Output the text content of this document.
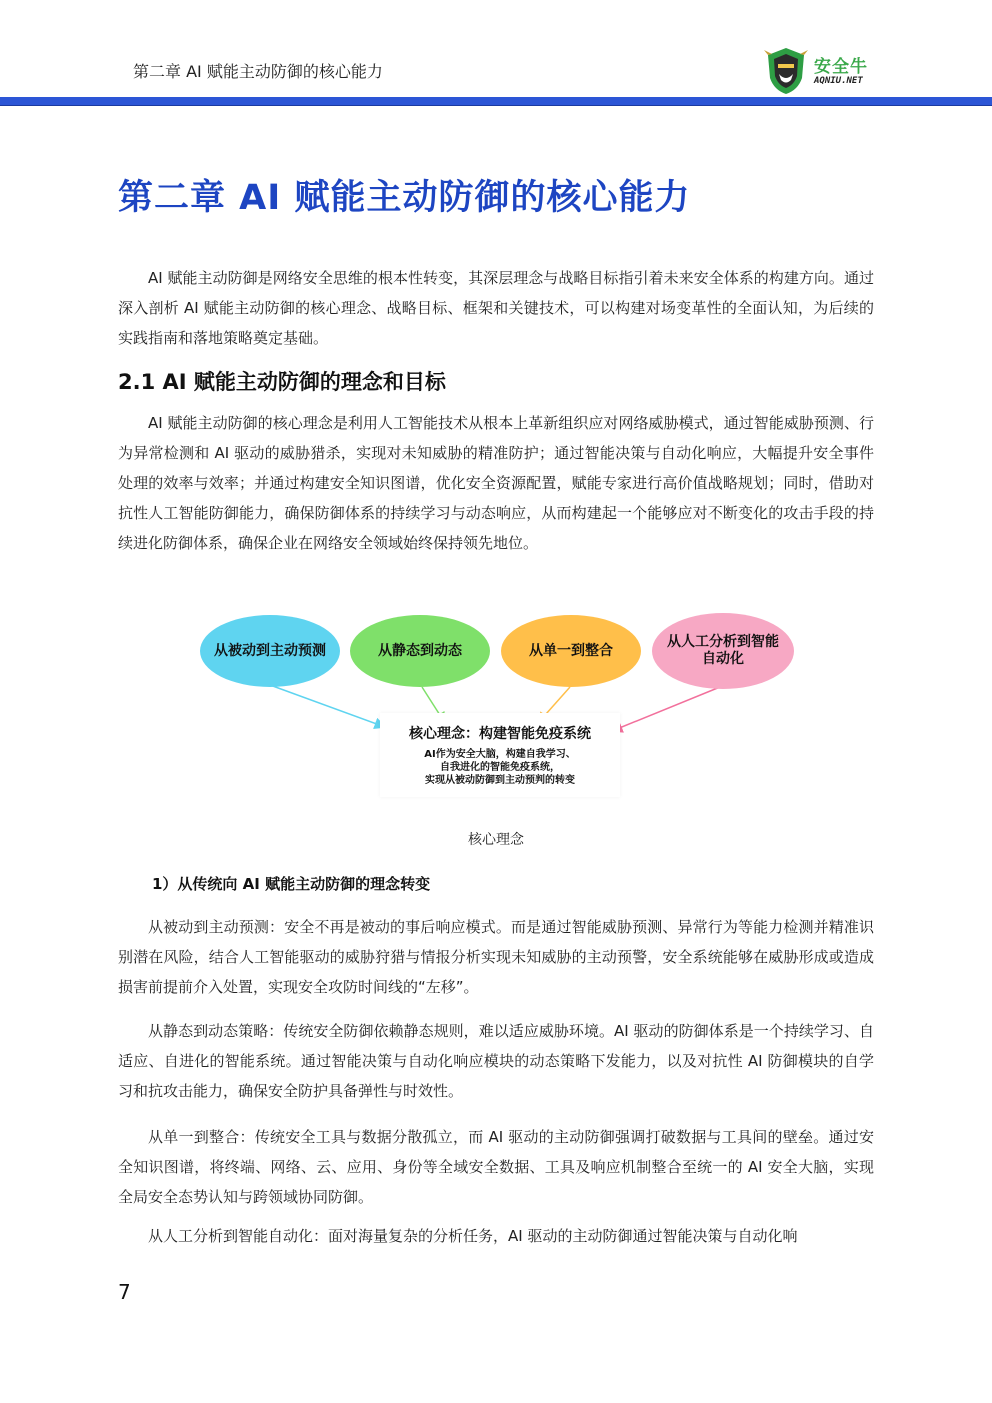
第二章 AI 赋能主动防御的核心能力	安全牛
AQNIU.NET
第二章 AI 赋能主动防御的核心能力

AI 赋能主动防御是网络安全思维的根本性转变，其深层理念与战略目标指引着未来安全体系的构建方向。通过深入剖析 AI 赋能主动防御的核心理念、战略目标、框架和关键技术，可以构建对场变革性的全面认知，为后续的实践指南和落地策略奠定基础。

2.1 AI 赋能主动防御的理念和目标

AI 赋能主动防御的核心理念是利用人工智能技术从根本上革新组织应对网络威胁模式，通过智能威胁预测、行为异常检测和 AI 驱动的威胁猎杀，实现对未知威胁的精准防护；通过智能决策与自动化响应，大幅提升安全事件处理的效率与效率；并通过构建安全知识图谱，优化安全资源配置，赋能专家进行高价值战略规划；同时，借助对抗性人工智能防御能力，确保防御体系的持续学习与动态响应，从而构建起一个能够应对不断变化的攻击手段的持续进化防御体系，确保企业在网络安全领域始终保持领先地位。

从被动到主动预测	从静态到动态	从单一到整合
从人工分析到智能
自动化
核心理念：构建智能免疫系统
AI作为安全大脑，构建自我学习、
自我进化的智能免疫系统，
实现从被动防御到主动预判的转变
核心理念
1）从传统向 AI 赋能主动防御的理念转变

从被动到主动预测：安全不再是被动的事后响应模式。而是通过智能威胁预测、异常行为等能力检测并精准识别潜在风险，结合人工智能驱动的威胁狩猎与情报分析实现未知威胁的主动预警，安全系统能够在威胁形成或造成损害前提前介入处置，实现安全攻防时间线的“左移”。

从静态到动态策略：传统安全防御依赖静态规则，难以适应威胁环境。AI 驱动的防御体系是一个持续学习、自适应、自进化的智能系统。通过智能决策与自动化响应模块的动态策略下发能力，以及对抗性 AI 防御模块的自学习和抗攻击能力，确保安全防护具备弹性与时效性。

从单一到整合：传统安全工具与数据分散孤立，而 AI 驱动的主动防御强调打破数据与工具间的壁垒。通过安全知识图谱，将终端、网络、云、应用、身份等全域安全数据、工具及响应机制整合至统一的 AI 安全大脑，实现全局安全态势认知与跨领域协同防御。

从人工分析到智能自动化：面对海量复杂的分析任务，AI 驱动的主动防御通过智能决策与自动化响

7
